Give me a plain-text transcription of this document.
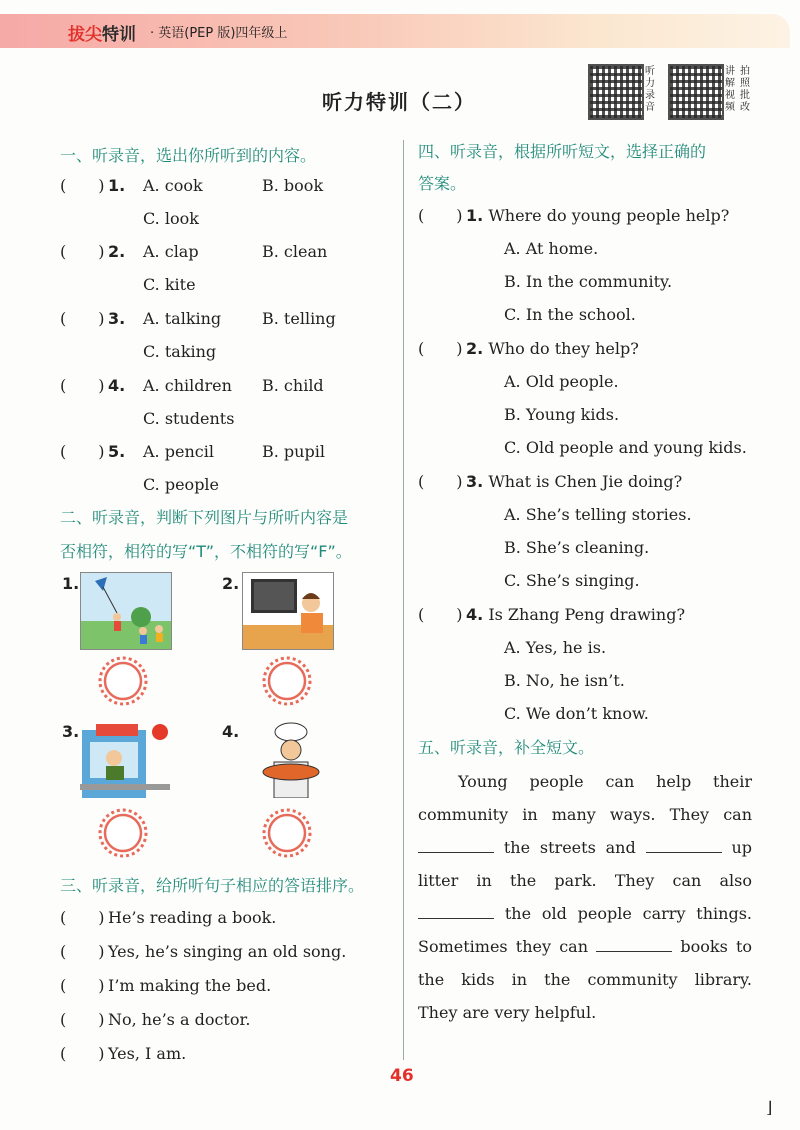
拔尖特训 · 英语(PEP 版)四年级上
听力特训（二）
听力录音
讲解视频
拍照批改
一、听录音，选出你所听到的内容。
(　　) 1. A. cook	B. book
C. look
(　　) 2. A. clap	B. clean
C. kite
(　　) 3. A. talking	B. telling
C. taking
(　　) 4. A. children B. child
C. students
(　　) 5. A. pencil	B. pupil
C. people
二、听录音，判断下列图片与所听内容是
否相符，相符的写“T”，不相符的写“F”。
1.	2.
3.	4.
三、听录音，给所听句子相应的答语排序。
(　　) He’s reading a book.
(　　) Yes, he’s singing an old song.
(　　) I’m making the bed.
(　　) No, he’s a doctor.
(　　) Yes, I am.
四、听录音，根据所听短文，选择正确的
答案。
(　　) 1. Where do young people help?
A. At home.
B. In the community.
C. In the school.
(　　) 2. Who do they help?
A. Old people.
B. Young kids.
C. Old people and young kids.
(　　) 3. What is Chen Jie doing?
A. She’s telling stories.
B. She’s cleaning.
C. She’s singing.
(　　) 4. Is Zhang Peng drawing?
A. Yes, he is.
B. No, he isn’t.
C. We don’t know.
五、听录音，补全短文。
Young people can help their
community in many ways. They can
the streets and	up
litter in the park. They can also
the old people carry things.
Sometimes they can	books to
the kids in the community library.
They are very helpful.
46
⌋
